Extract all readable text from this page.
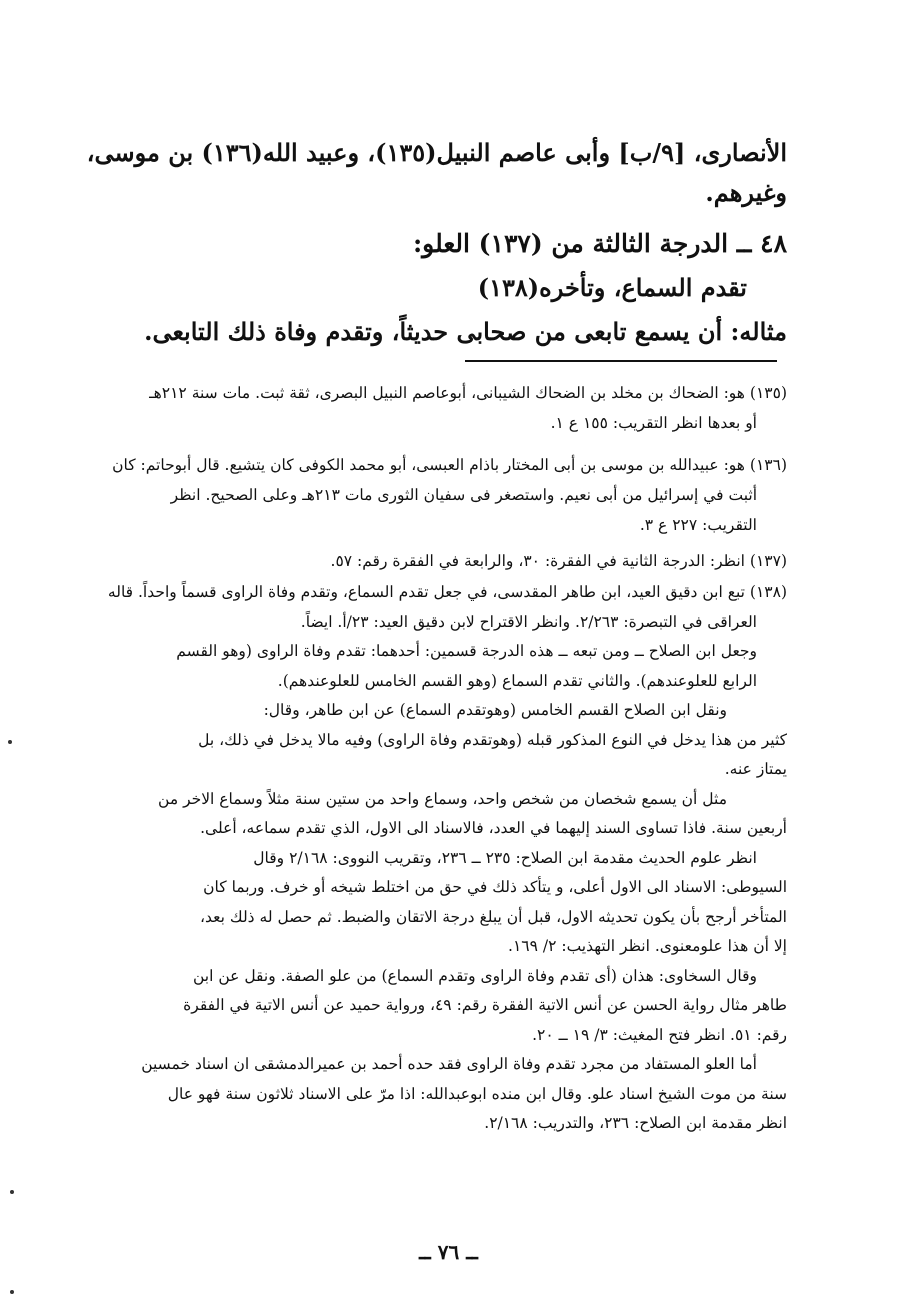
الأنصارى، [٩/ب] وأبى عاصم النبيل(١٣٥)، وعبيد الله(١٣٦) بن موسى،
وغيرهم.
٤٨ ــ الدرجة الثالثة من (١٣٧) العلو:
تقدم السماع، وتأخره(١٣٨)
مثاله: أن يسمع تابعى من صحابى حديثاً، وتقدم وفاة ذلك التابعى.
(١٣٥) هو: الضحاك بن مخلد بن الضحاك الشيبانى، أبوعاصم النبيل البصرى، ثقة ثبت. مات سنة ٢١٢هـ
أو بعدها انظر التقريب: ١٥٥ ع ١.
(١٣٦) هو: عبيدالله بن موسى بن أبى المختار باذام العبسى، أبو محمد الكوفى كان يتشيع. قال أبوحاتم: كان
أثبت في إسرائيل من أبى نعيم. واستصغر فى سفيان الثورى مات ٢١٣هـ وعلى الصحيح. انظر
التقريب: ٢٢٧ ع ٣.
(١٣٧) انظر: الدرجة الثانية في الفقرة: ٣٠، والرابعة في الفقرة رقم: ٥٧.
(١٣٨) تبع ابن دقيق العيد، ابن طاهر المقدسى، في جعل تقدم السماع، وتقدم وفاة الراوى قسماً واحداً. قاله
العراقى في التبصرة: ٢/٢٦٣. وانظر الاقتراح لابن دقيق العيد: ٢٣/أ. ايضاً.
وجعل ابن الصلاح ــ ومن تبعه ــ هذه الدرجة قسمين: أحدهما: تقدم وفاة الراوى (وهو القسم
الرابع للعلوعندهم). والثاني تقدم السماع (وهو القسم الخامس للعلوعندهم).
ونقل ابن الصلاح القسم الخامس (وهوتقدم السماع) عن ابن طاهر، وقال:
كثير من هذا يدخل في النوع المذكور قبله (وهوتقدم وفاة الراوى) وفيه مالا يدخل في ذلك، بل
يمتاز عنه.
مثل أن يسمع شخصان من شخص واحد، وسماع واحد من ستين سنة مثلاً وسماع الاخر من
أربعين سنة. فاذا تساوى السند إليهما في العدد، فالاسناد الى الاول، الذي تقدم سماعه، أعلى.
انظر علوم الحديث مقدمة ابن الصلاح: ٢٣٥ ــ ٢٣٦، وتقريب النووى: ٢/١٦٨ وقال
السيوطى: الاسناد الى الاول أعلى، و يتأكد ذلك في حق من اختلط شيخه أو خرف. وربما كان
المتأخر أرجح بأن يكون تحديثه الاول، قبل أن يبلغ درجة الاتقان والضبط. ثم حصل له ذلك بعد،
إلا أن هذا علومعنوى. انظر التهذيب: ٢/ ١٦٩.
وقال السخاوى: هذان (أى تقدم وفاة الراوى وتقدم السماع) من علو الصفة. ونقل عن ابن
طاهر مثال رواية الحسن عن أنس الاتية الفقرة رقم: ٤٩، ورواية حميد عن أنس الاتية في الفقرة
رقم: ٥١. انظر فتح المغيث: ٣/ ١٩ ــ ٢٠.
أما العلو المستفاد من مجرد تقدم وفاة الراوى فقد حده أحمد بن عميرالدمشقى ان اسناد خمسين
سنة من موت الشيخ اسناد علو. وقال ابن منده ابوعبدالله: اذا مرّ على الاسناد ثلاثون سنة فهو عال
انظر مقدمة ابن الصلاح: ٢٣٦، والتدريب: ٢/١٦٨.
ــ ٧٦ ــ
